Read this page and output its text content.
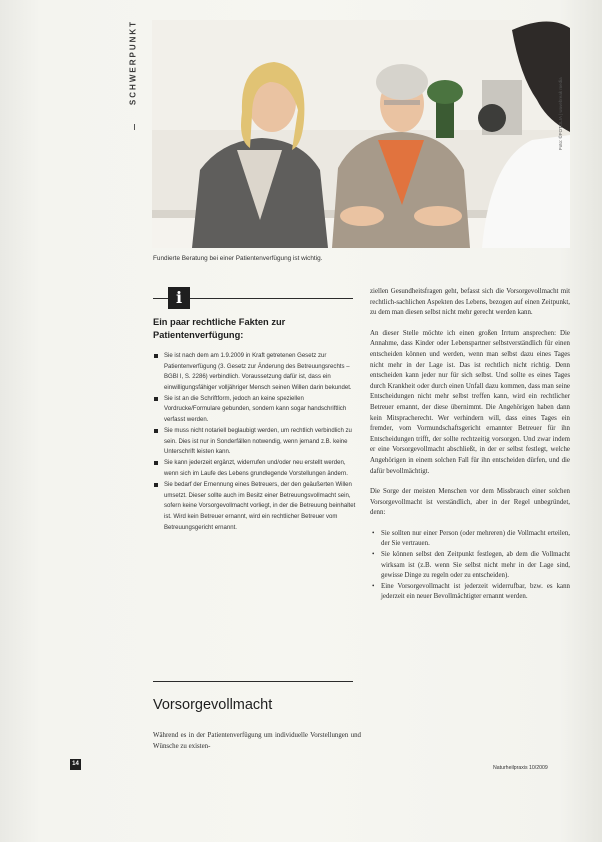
SCHWERPUNKT
Foto: ©FOTOLIA | wavebreak media
Fundierte Beratung bei einer Patientenverfügung ist wichtig.
i
Ein paar rechtliche Fakten zur Patientenverfügung:
Sie ist nach dem am 1.9.2009 in Kraft getretenen Gesetz zur Patientenverfügung (3. Gesetz zur Änderung des Betreuungsrechts – BGBl I, S. 2286) verbindlich. Voraussetzung dafür ist, dass ein einwilligungsfähiger volljähriger Mensch seinen Willen darin bekundet.
Sie ist an die Schriftform, jedoch an keine speziellen Vordrucke/Formulare gebunden, sondern kann sogar handschriftlich verfasst werden.
Sie muss nicht notariell beglaubigt werden, um rechtlich verbindlich zu sein. Dies ist nur in Sonderfällen notwendig, wenn jemand z.B. keine Unterschrift leisten kann.
Sie kann jederzeit ergänzt, widerrufen und/oder neu erstellt werden, wenn sich im Laufe des Lebens grundlegende Vorstellungen ändern.
Sie bedarf der Ernennung eines Betreuers, der den geäußerten Willen umsetzt. Dieser sollte auch im Besitz einer Betreuungsvollmacht sein, sofern keine Vorsorgevollmacht vorliegt, in der die Betreuung beinhaltet ist. Wird kein Betreuer ernannt, wird ein rechtlicher Betreuer vom Betreuungsgericht ernannt.
Vorsorgevollmacht
Während es in der Patientenverfügung um individuelle Vorstellungen und Wünsche zu existen-

ziellen Gesundheitsfragen geht, befasst sich die Vorsorgevollmacht mit rechtlich-sachlichen Aspekten des Lebens, bezogen auf einen Zeitpunkt, zu dem man diesen selbst nicht mehr gerecht werden kann.

An dieser Stelle möchte ich einen großen Irrtum ansprechen: Die Annahme, dass Kinder oder Lebenspartner selbstverständlich für einen entscheiden können und werden, wenn man selbst dazu eines Tages nicht mehr in der Lage ist. Das ist rechtlich nicht richtig. Denn entscheiden kann jeder nur für sich selbst. Und sollte es eines Tages durch Krankheit oder durch einen Unfall dazu kommen, dass man seine Entscheidungen nicht mehr selbst treffen kann, wird ein rechtlicher Betreuer ernannt, der diese übernimmt. Die Angehörigen haben dann kein Mitspracherecht. Wer verhindern will, dass eines Tages ein fremder, vom Vormundschaftsgericht ernannter Betreuer für ihn Entscheidungen trifft, der sollte rechtzeitig vorsorgen. Und zwar indem er eine Vorsorgevollmacht abschließt, in der er selbst festlegt, welche Angehörigen in einem solchen Fall für ihn entscheiden dürfen, und die dafür bevollmächtigt.

Die Sorge der meisten Menschen vor dem Missbrauch einer solchen Vorsorgevollmacht ist verständlich, aber in der Regel unbegründet, denn:

• Sie sollten nur einer Person (oder mehreren) die Vollmacht erteilen, der Sie vertrauen.
• Sie können selbst den Zeitpunkt festlegen, ab dem die Vollmacht wirksam ist (z.B. wenn Sie selbst nicht mehr in der Lage sind, gewisse Dinge zu regeln oder zu entscheiden).
• Eine Vorsorgevollmacht ist jederzeit widerrufbar, bzw. es kann jederzeit ein neuer Bevollmächtigter ernannt werden.
14
Naturheilpraxis 10/2009
